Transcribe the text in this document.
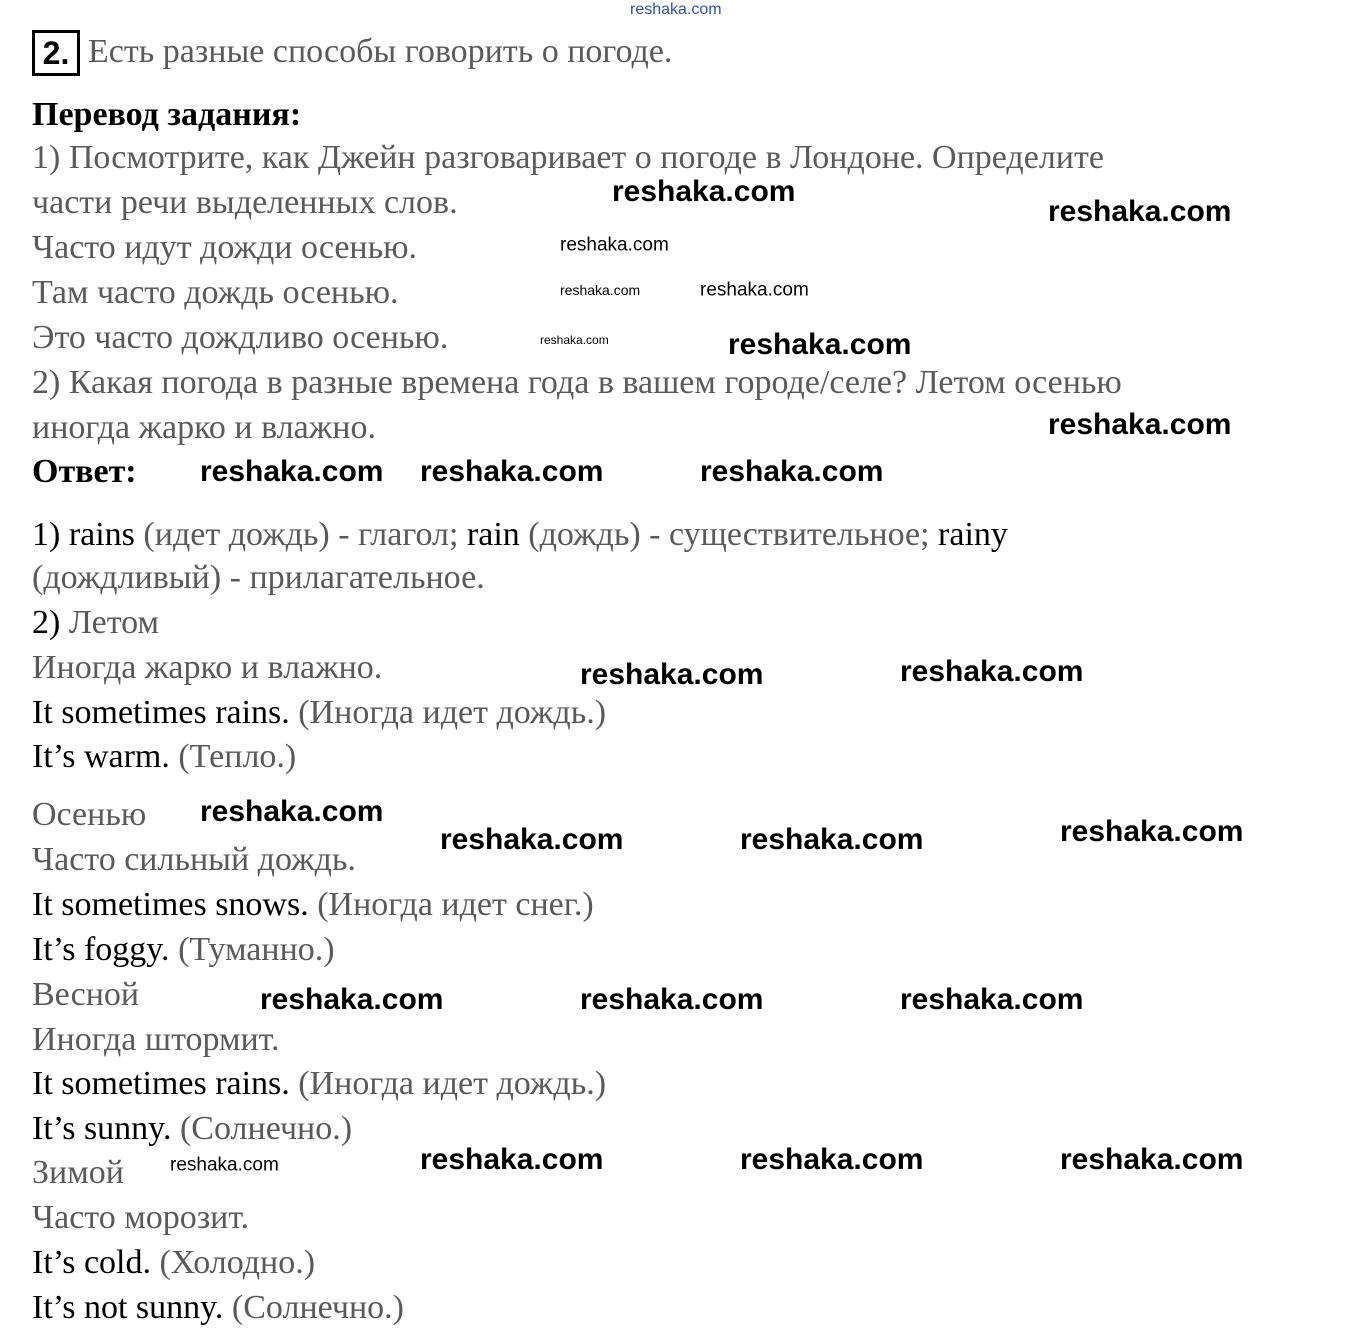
2. Есть разные способы говорить о погоде.
Перевод задания:
1) Посмотрите, как Джейн разговаривает о погоде в Лондоне. Определите
части речи выделенных слов.
Часто идут дожди осенью.
Там часто дождь осенью.
Это часто дождливо осенью.
2) Какая погода в разные времена года в вашем городе/селе? Летом осенью
иногда жарко и влажно.
Ответ:
1) rains (идет дождь) - глагол; rain (дождь) - существительное; rainy
(дождливый) - прилагательное.
2) Летом
Иногда жарко и влажно.
It sometimes rains. (Иногда идет дождь.)
It’s warm. (Тепло.)
Осенью
Часто сильный дождь.
It sometimes snows. (Иногда идет снег.)
It’s foggy. (Туманно.)
Весной
Иногда штормит.
It sometimes rains. (Иногда идет дождь.)
It’s sunny. (Солнечно.)
Зимой
Часто морозит.
It’s cold. (Холодно.)
It’s not sunny. (Солнечно.)
reshaka.com
reshaka.com
reshaka.com
reshaka.com
reshaka.com	reshaka.com
reshaka.com	reshaka.com
reshaka.com
reshaka.com reshaka.com	reshaka.com
reshaka.com	reshaka.com
reshaka.com
reshaka.com	reshaka.com	reshaka.com
reshaka.com	reshaka.com	reshaka.com
reshaka.com	reshaka.com	reshaka.com	reshaka.com
